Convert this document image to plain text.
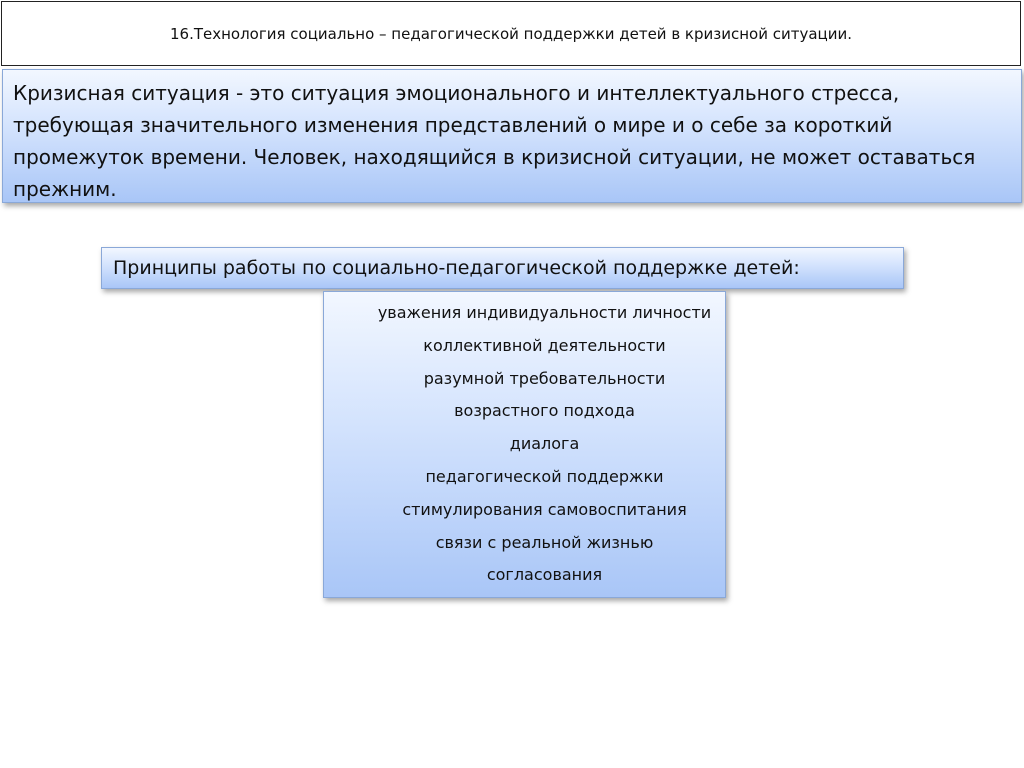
16.Технология социально – педагогической поддержки детей в кризисной ситуации.

Кризисная ситуация - это ситуация эмоционального и интеллектуального стресса, требующая значительного изменения представлений о мире и о себе за короткий промежуток времени. Человек, находящийся в кризисной ситуации, не может оставаться прежним.

Принципы работы по социально-педагогической поддержке детей:
уважения индивидуальности личности
коллективной деятельности
разумной требовательности
возрастного подхода
диалога
педагогической поддержки
стимулирования самовоспитания
связи с реальной жизнью
согласования
